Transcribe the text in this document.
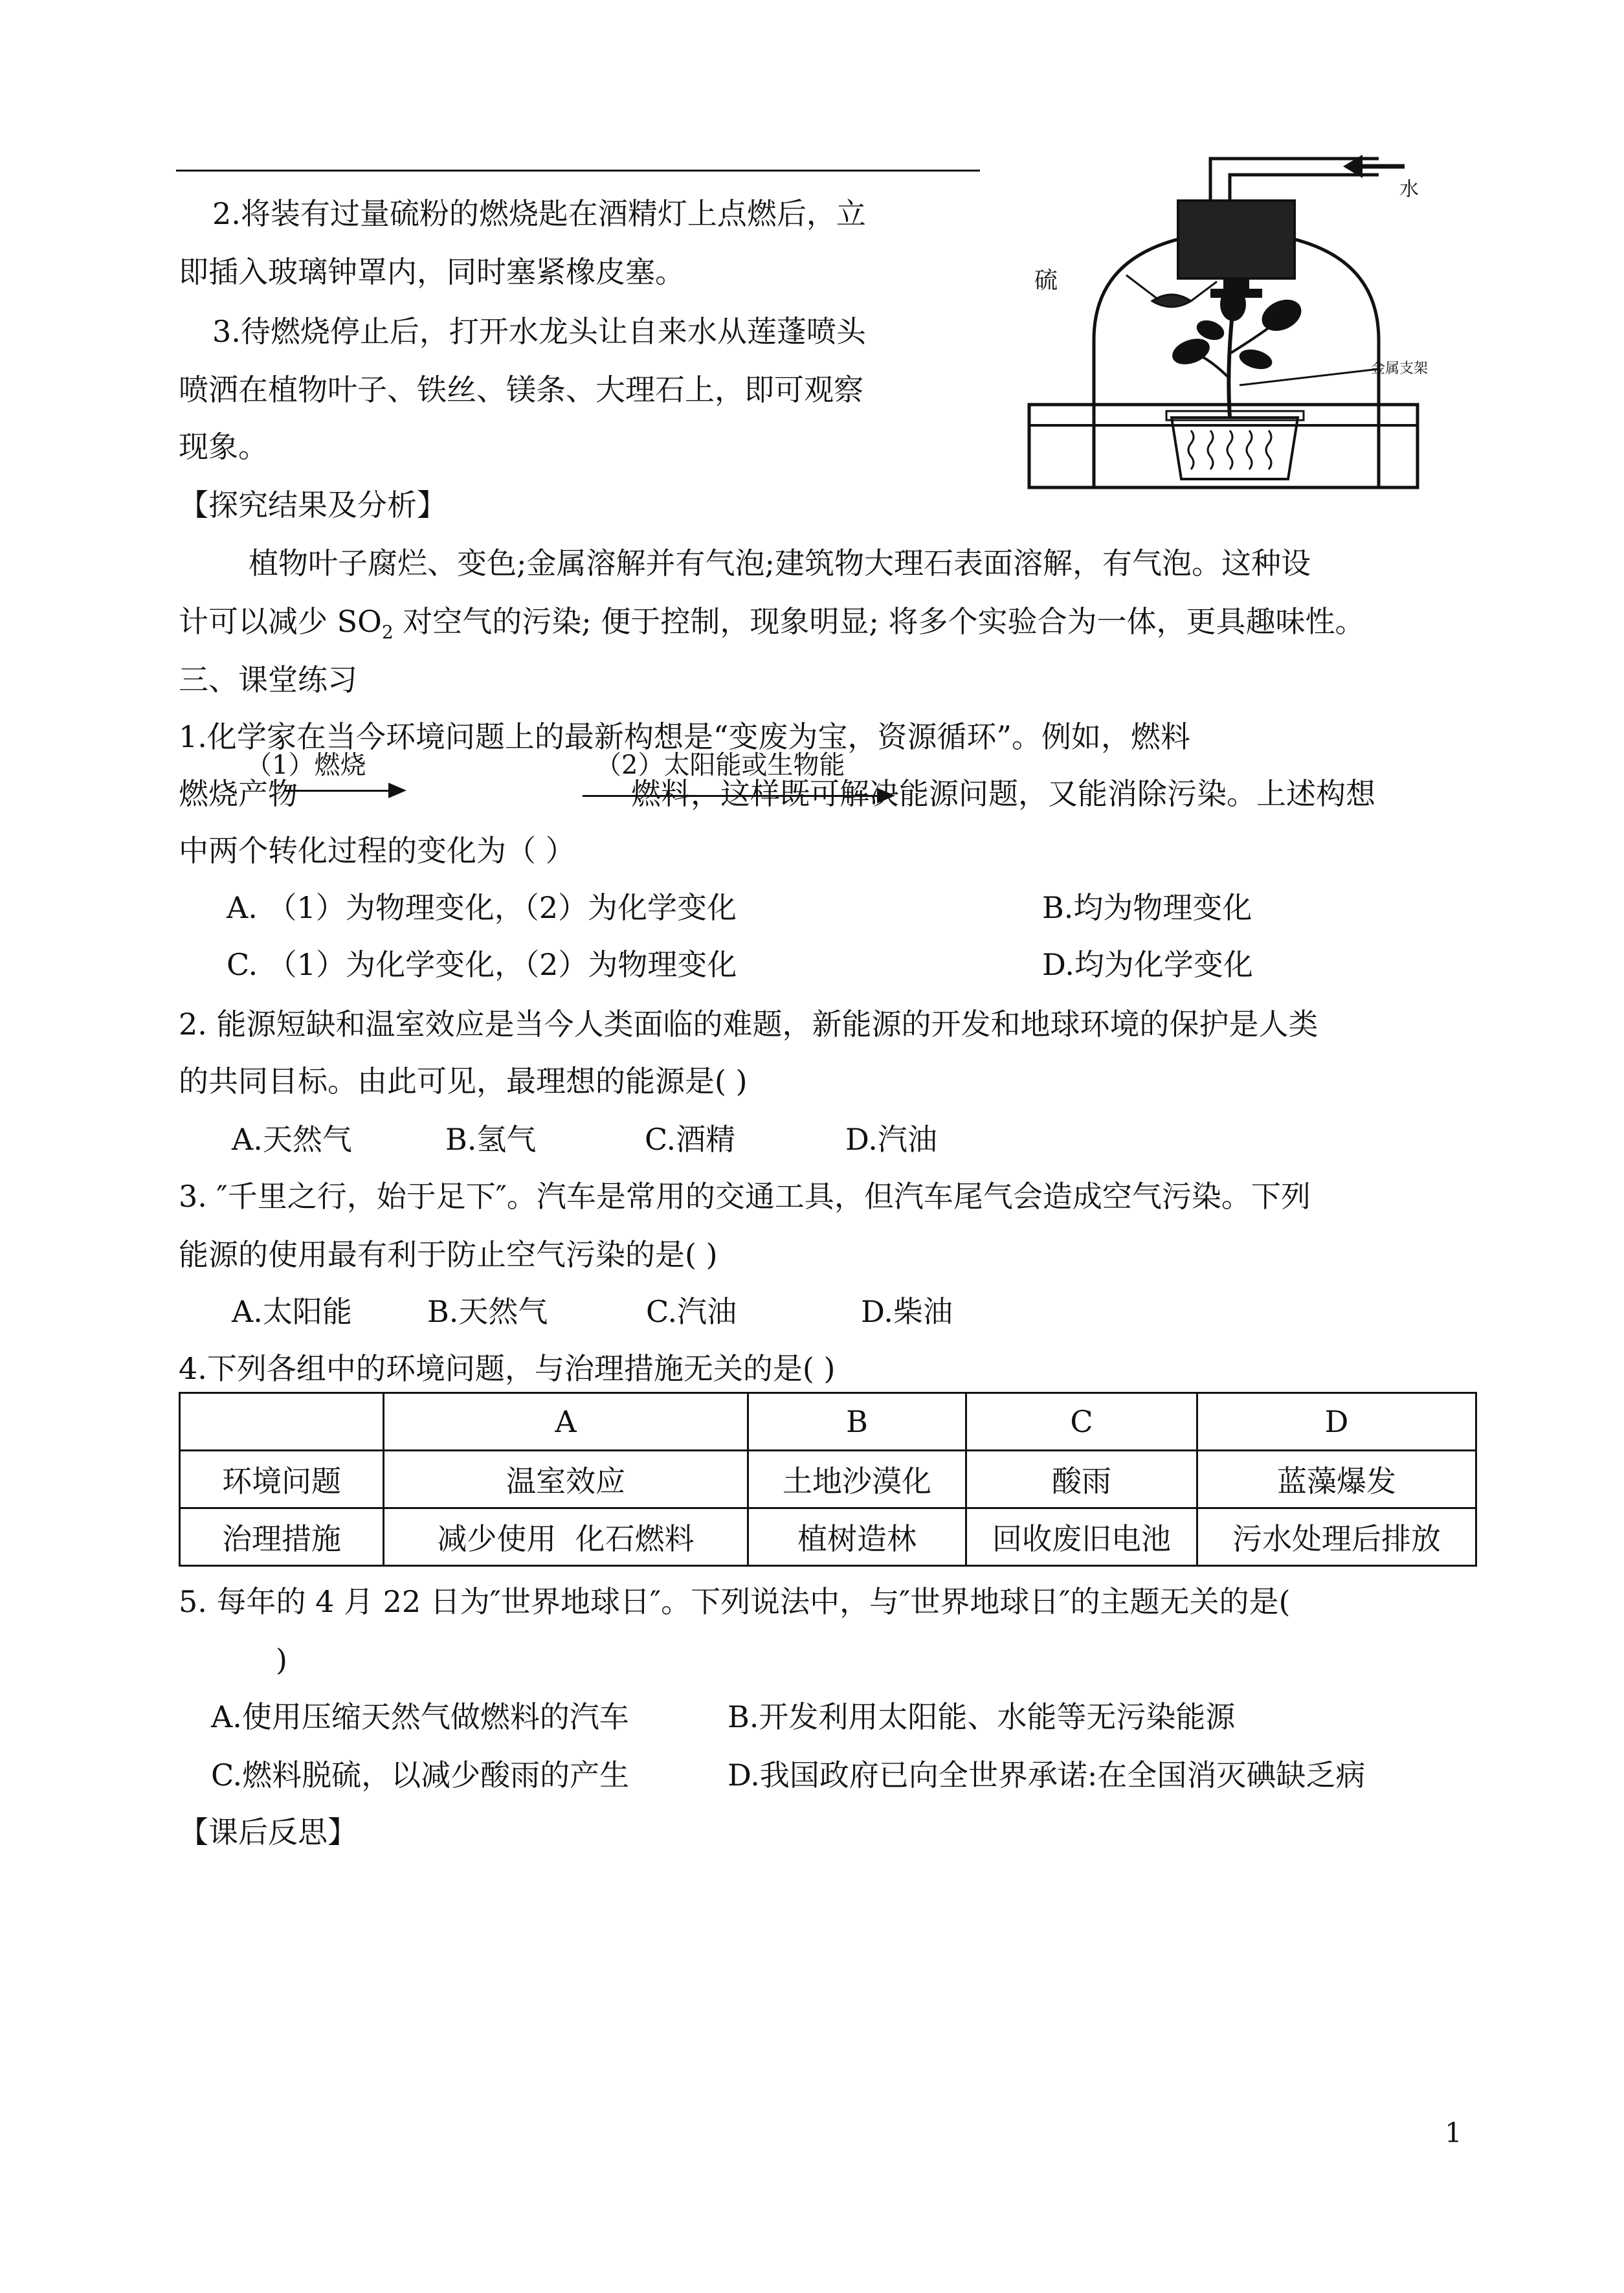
2.将装有过量硫粉的燃烧匙在酒精灯上点燃后，立
即插入玻璃钟罩内，同时塞紧橡皮塞。
3.待燃烧停止后，打开水龙头让自来水从莲蓬喷头
喷洒在植物叶子、铁丝、镁条、大理石上，即可观察
现象。
水
硫
金属支架
【探究结果及分析】
植物叶子腐烂、变色;金属溶解并有气泡;建筑物大理石表面溶解，有气泡。这种设
计可以减少 $SO_2$ 对空气的污染; 便于控制，现象明显; 将多个实验合为一体，更具趣味性。
三、课堂练习
1.化学家在当今环境问题上的最新构想是“变废为宝，资源循环”。例如，燃料
（1）燃烧	（2）太阳能或生物能
燃烧产物	燃料，这样既可解决能源问题，又能消除污染。上述构想
中两个转化过程的变化为（ ）
A. （1）为物理变化，（2）为化学变化	B.均为物理变化
C. （1）为化学变化，（2）为物理变化	D.均为化学变化
2. 能源短缺和温室效应是当今人类面临的难题，新能源的开发和地球环境的保护是人类
的共同目标。由此可见，最理想的能源是( )
A.天然气	B.氢气	C.酒精	D.汽油
3. ″千里之行，始于足下″。汽车是常用的交通工具，但汽车尾气会造成空气污染。下列
能源的使用最有利于防止空气污染的是( )
A.太阳能	B.天然气	C.汽油	D.柴油
4.下列各组中的环境问题，与治理措施无关的是( )
	A	B	C	D
环境问题	温室效应	土地沙漠化	酸雨	蓝藻爆发
治理措施	减少使用  化石燃料	植树造林	回收废旧电池	污水处理后排放
5. 每年的 4 月 22 日为″世界地球日″。下列说法中，与″世界地球日″的主题无关的是(
)
A.使用压缩天然气做燃料的汽车	B.开发利用太阳能、水能等无污染能源
C.燃料脱硫，以减少酸雨的产生	D.我国政府已向全世界承诺:在全国消灭碘缺乏病
【课后反思】
1
